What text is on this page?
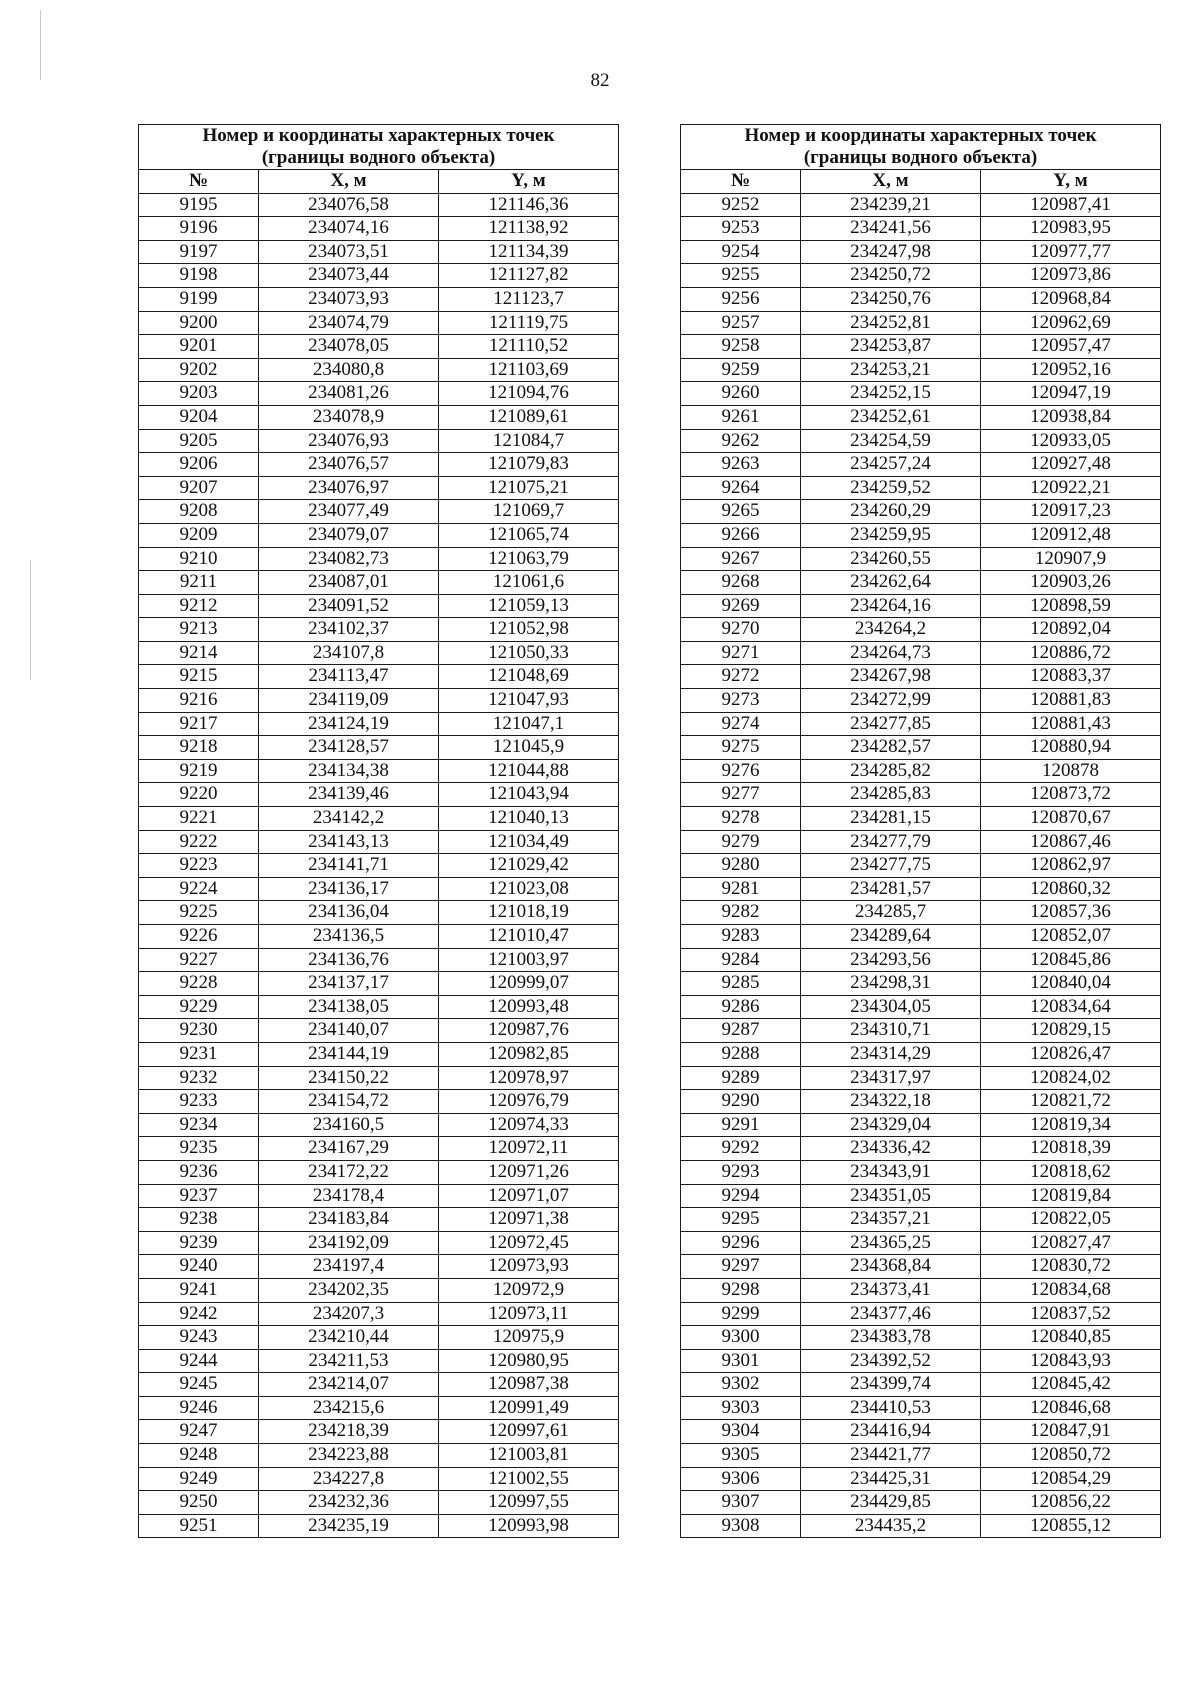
82
Номер и координаты характерных точек
(границы водного объекта)		
№	X, м	Y, м
9195	234076,58	121146,36
9196	234074,16	121138,92
9197	234073,51	121134,39
9198	234073,44	121127,82
9199	234073,93	121123,7
9200	234074,79	121119,75
9201	234078,05	121110,52
9202	234080,8	121103,69
9203	234081,26	121094,76
9204	234078,9	121089,61
9205	234076,93	121084,7
9206	234076,57	121079,83
9207	234076,97	121075,21
9208	234077,49	121069,7
9209	234079,07	121065,74
9210	234082,73	121063,79
9211	234087,01	121061,6
9212	234091,52	121059,13
9213	234102,37	121052,98
9214	234107,8	121050,33
9215	234113,47	121048,69
9216	234119,09	121047,93
9217	234124,19	121047,1
9218	234128,57	121045,9
9219	234134,38	121044,88
9220	234139,46	121043,94
9221	234142,2	121040,13
9222	234143,13	121034,49
9223	234141,71	121029,42
9224	234136,17	121023,08
9225	234136,04	121018,19
9226	234136,5	121010,47
9227	234136,76	121003,97
9228	234137,17	120999,07
9229	234138,05	120993,48
9230	234140,07	120987,76
9231	234144,19	120982,85
9232	234150,22	120978,97
9233	234154,72	120976,79
9234	234160,5	120974,33
9235	234167,29	120972,11
9236	234172,22	120971,26
9237	234178,4	120971,07
9238	234183,84	120971,38
9239	234192,09	120972,45
9240	234197,4	120973,93
9241	234202,35	120972,9
9242	234207,3	120973,11
9243	234210,44	120975,9
9244	234211,53	120980,95
9245	234214,07	120987,38
9246	234215,6	120991,49
9247	234218,39	120997,61
9248	234223,88	121003,81
9249	234227,8	121002,55
9250	234232,36	120997,55
9251	234235,19	120993,98
Номер и координаты характерных точек
(границы водного объекта)		
№	X, м	Y, м
9252	234239,21	120987,41
9253	234241,56	120983,95
9254	234247,98	120977,77
9255	234250,72	120973,86
9256	234250,76	120968,84
9257	234252,81	120962,69
9258	234253,87	120957,47
9259	234253,21	120952,16
9260	234252,15	120947,19
9261	234252,61	120938,84
9262	234254,59	120933,05
9263	234257,24	120927,48
9264	234259,52	120922,21
9265	234260,29	120917,23
9266	234259,95	120912,48
9267	234260,55	120907,9
9268	234262,64	120903,26
9269	234264,16	120898,59
9270	234264,2	120892,04
9271	234264,73	120886,72
9272	234267,98	120883,37
9273	234272,99	120881,83
9274	234277,85	120881,43
9275	234282,57	120880,94
9276	234285,82	120878
9277	234285,83	120873,72
9278	234281,15	120870,67
9279	234277,79	120867,46
9280	234277,75	120862,97
9281	234281,57	120860,32
9282	234285,7	120857,36
9283	234289,64	120852,07
9284	234293,56	120845,86
9285	234298,31	120840,04
9286	234304,05	120834,64
9287	234310,71	120829,15
9288	234314,29	120826,47
9289	234317,97	120824,02
9290	234322,18	120821,72
9291	234329,04	120819,34
9292	234336,42	120818,39
9293	234343,91	120818,62
9294	234351,05	120819,84
9295	234357,21	120822,05
9296	234365,25	120827,47
9297	234368,84	120830,72
9298	234373,41	120834,68
9299	234377,46	120837,52
9300	234383,78	120840,85
9301	234392,52	120843,93
9302	234399,74	120845,42
9303	234410,53	120846,68
9304	234416,94	120847,91
9305	234421,77	120850,72
9306	234425,31	120854,29
9307	234429,85	120856,22
9308	234435,2	120855,12
